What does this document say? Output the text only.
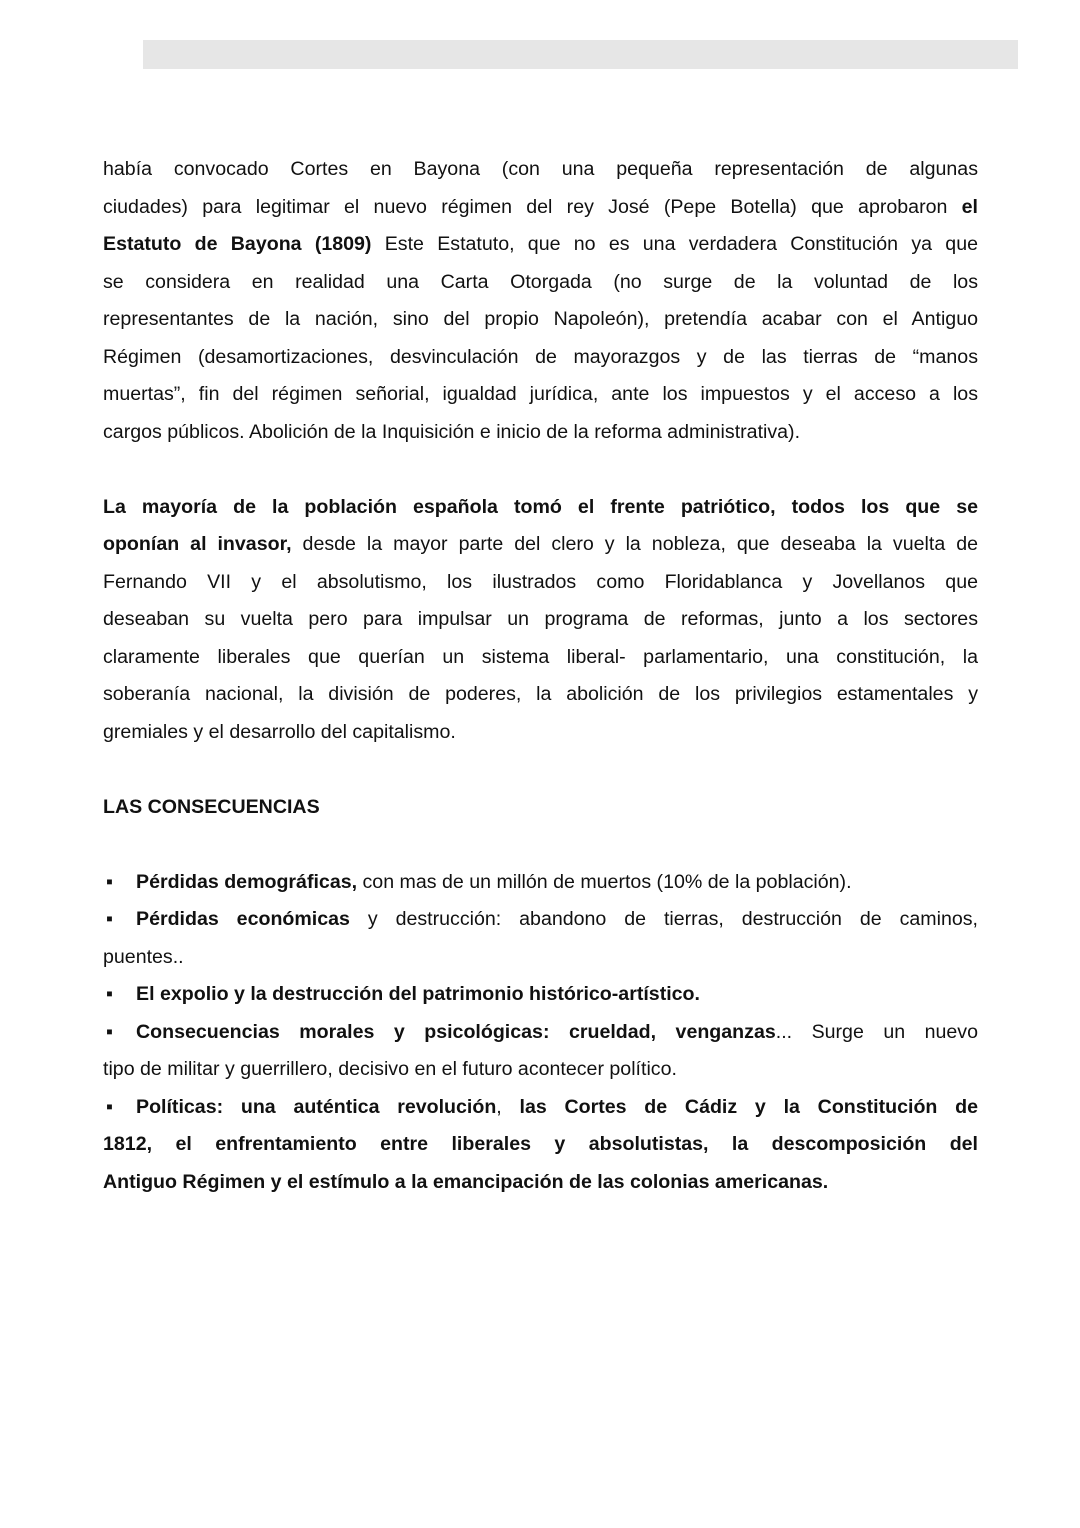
había convocado Cortes en Bayona (con una pequeña representación de algunas
ciudades) para legitimar el nuevo régimen del rey José (Pepe Botella) que aprobaron el
Estatuto de Bayona (1809) Este Estatuto, que no es una verdadera Constitución ya que
se considera en realidad una Carta Otorgada (no surge de la voluntad de los
representantes de la nación, sino del propio Napoleón), pretendía acabar con el Antiguo
Régimen (desamortizaciones, desvinculación de mayorazgos y de las tierras de “manos
muertas”, fin del régimen señorial, igualdad jurídica, ante los impuestos y el acceso a los
cargos públicos. Abolición de la Inquisición e inicio de la reforma administrativa).
La mayoría de la población española tomó el frente patriótico, todos los que se
oponían al invasor, desde la mayor parte del clero y la nobleza, que deseaba la vuelta de
Fernando VII y el absolutismo, los ilustrados como Floridablanca y Jovellanos que
deseaban su vuelta pero para impulsar un programa de reformas, junto a los sectores
claramente liberales que querían un sistema liberal- parlamentario, una constitución, la
soberanía nacional, la división de poderes, la abolición de los privilegios estamentales y
gremiales y el desarrollo del capitalismo.
LAS CONSECUENCIAS
▪ Pérdidas demográficas, con mas de un millón de muertos (10% de la población).
▪ Pérdidas económicas y destrucción: abandono de tierras, destrucción de caminos,
puentes..
▪ El expolio y la destrucción del patrimonio histórico-artístico.
▪ Consecuencias morales y psicológicas: crueldad, venganzas... Surge un nuevo
tipo de militar y guerrillero, decisivo en el futuro acontecer político.
▪ Políticas: una auténtica revolución, las Cortes de Cádiz y la Constitución de
1812, el enfrentamiento entre liberales y absolutistas, la descomposición del
Antiguo Régimen y el estímulo a la emancipación de las colonias americanas.
